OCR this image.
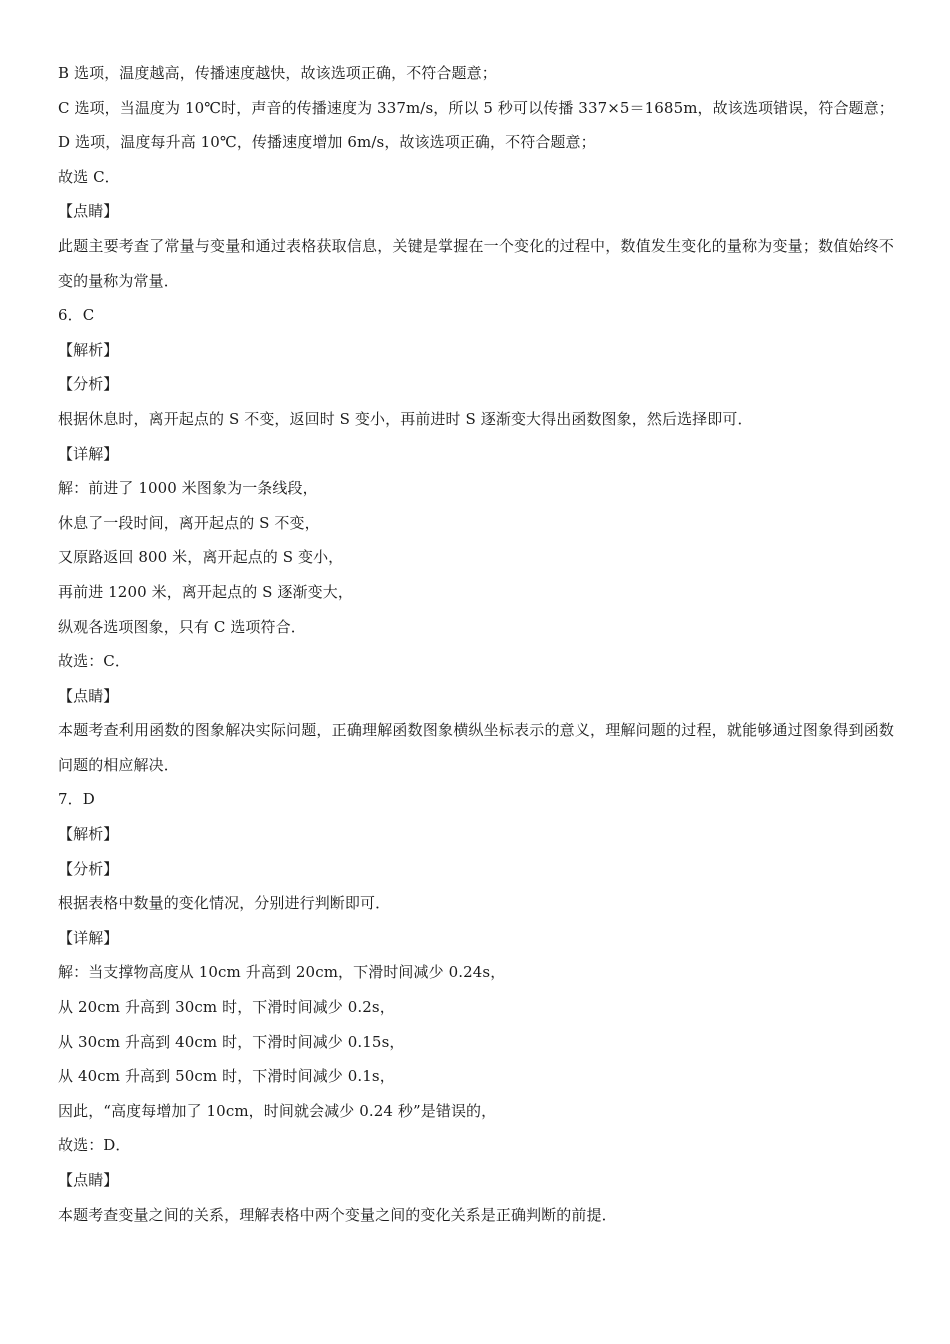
B 选项，温度越高，传播速度越快，故该选项正确，不符合题意；
C 选项，当温度为 10℃时，声音的传播速度为 337m/s，所以 5 秒可以传播 337×5＝1685m，故该选项错误，符合题意；
D 选项，温度每升高 10℃，传播速度增加 6m/s，故该选项正确，不符合题意；
故选 C．
【点睛】
此题主要考查了常量与变量和通过表格获取信息，关键是掌握在一个变化的过程中，数值发生变化的量称为变量；数值始终不变的量称为常量．
6．C
【解析】
【分析】
根据休息时，离开起点的 S 不变，返回时 S 变小，再前进时 S 逐渐变大得出函数图象，然后选择即可．
【详解】
解：前进了 1000 米图象为一条线段，
休息了一段时间，离开起点的 S 不变，
又原路返回 800 米，离开起点的 S 变小，
再前进 1200 米，离开起点的 S 逐渐变大，
纵观各选项图象，只有 C 选项符合．
故选：C．
【点睛】
本题考查利用函数的图象解决实际问题，正确理解函数图象横纵坐标表示的意义，理解问题的过程，就能够通过图象得到函数问题的相应解决．
7．D
【解析】
【分析】
根据表格中数量的变化情况，分别进行判断即可．
【详解】
解：当支撑物高度从 10cm 升高到 20cm，下滑时间减少 0.24s，
从 20cm 升高到 30cm 时，下滑时间减少 0.2s，
从 30cm 升高到 40cm 时，下滑时间减少 0.15s，
从 40cm 升高到 50cm 时，下滑时间减少 0.1s，
因此，“高度每增加了 10cm，时间就会减少 0.24 秒”是错误的，
故选：D．
【点睛】
本题考查变量之间的关系，理解表格中两个变量之间的变化关系是正确判断的前提．
